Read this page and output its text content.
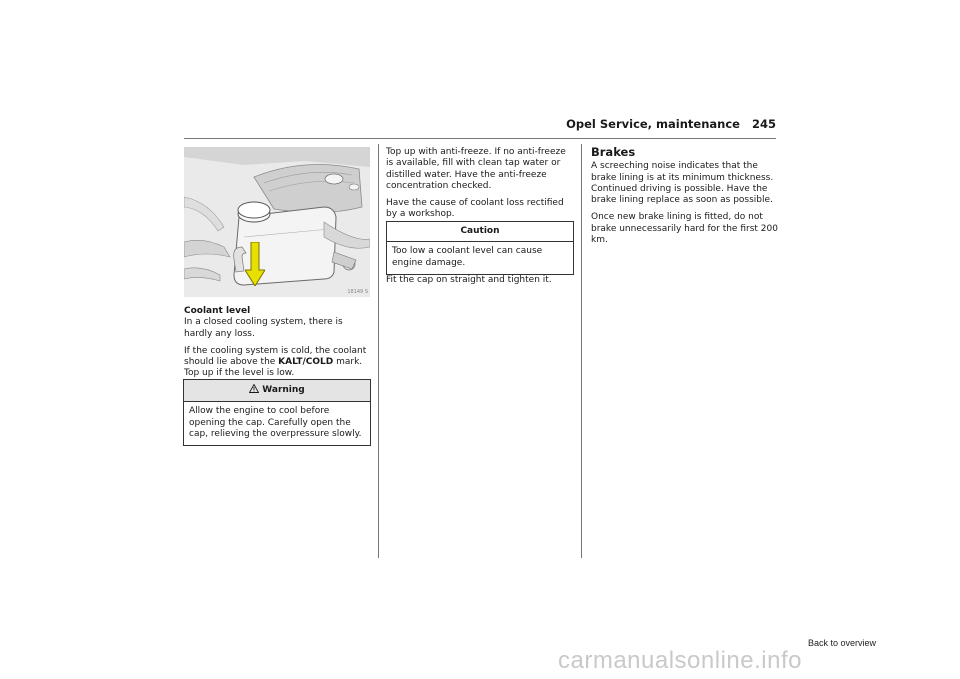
Opel Service, maintenance 245
18149 S
Coolant level

In a closed cooling system, there is hardly any loss.

If the cooling system is cold, the coolant should lie above the KALT/COLD mark. Top up if the level is low.

Warning
Allow the engine to cool before opening the cap. Carefully open the cap, relieving the overpressure slowly.

Top up with anti-freeze. If no anti-freeze is available, fill with clean tap water or distilled water. Have the anti-freeze concentration checked.

Have the cause of coolant loss rectified by a workshop.

Caution
Too low a coolant level can cause engine damage.

Fit the cap on straight and tighten it.

Brakes

A screeching noise indicates that the brake lining is at its minimum thickness. Continued driving is possible. Have the brake lining replace as soon as possible.

Once new brake lining is fitted, do not brake unnecessarily hard for the first 200 km.

Back to overview
carmanualsonline.info
